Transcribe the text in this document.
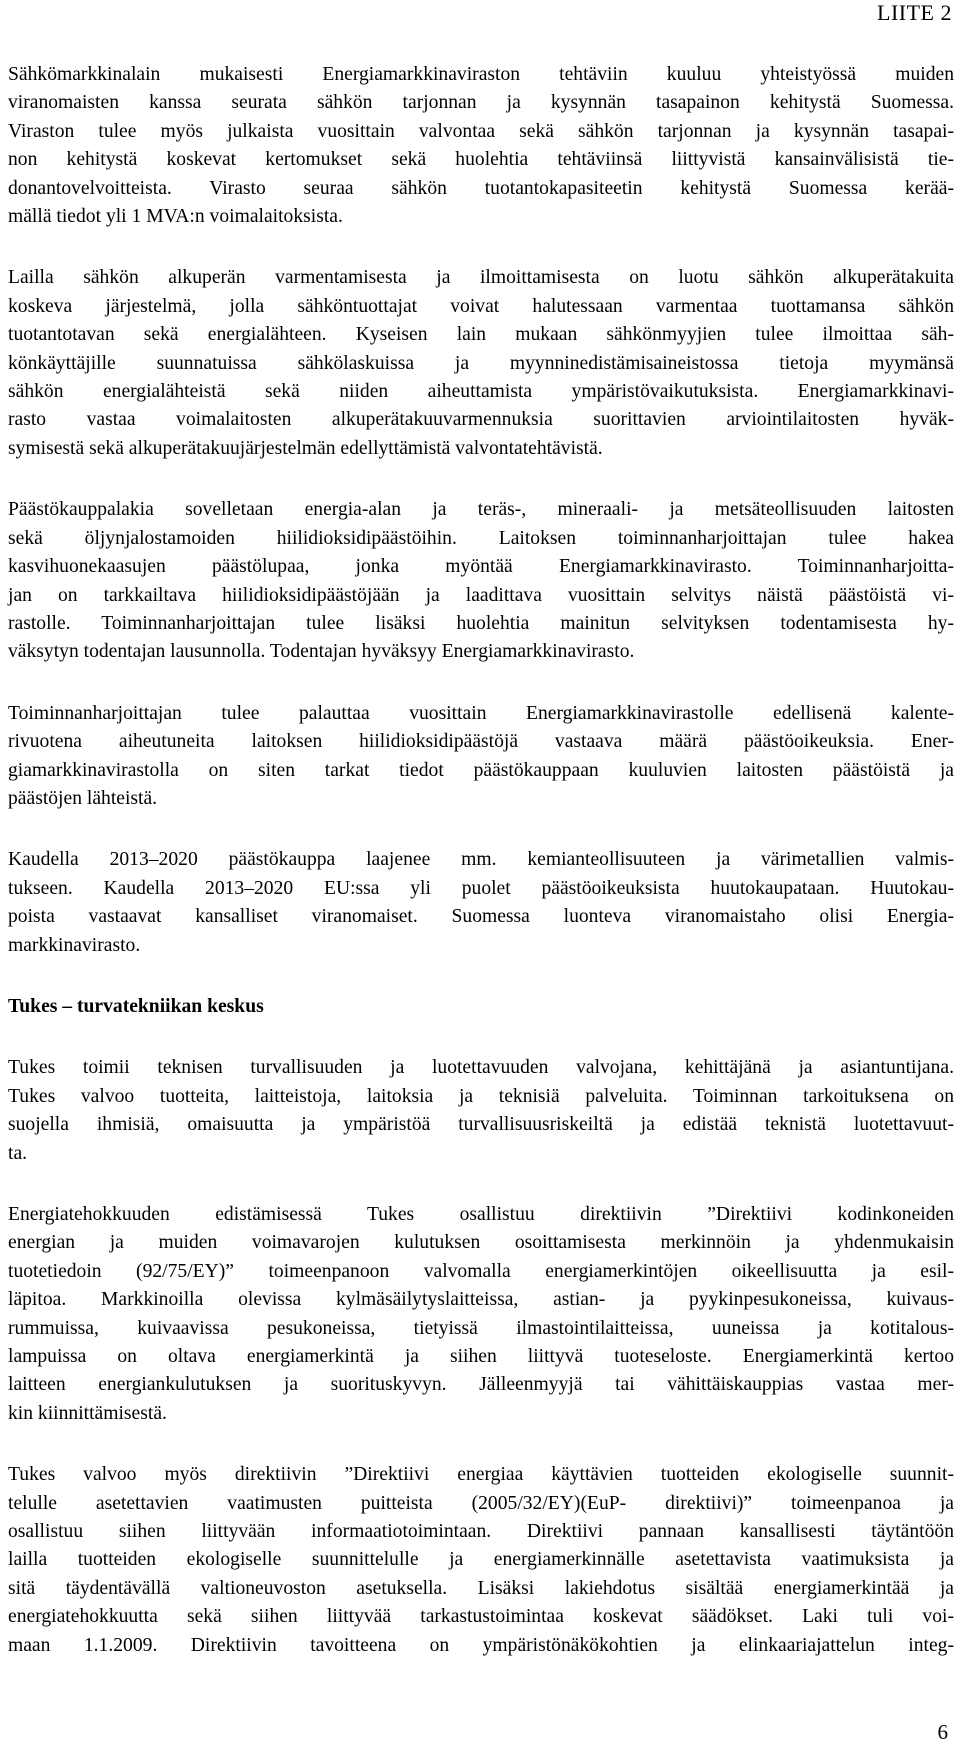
LIITE 2

Sähkömarkkinalain mukaisesti Energiamarkkinaviraston tehtäviin kuuluu yhteistyössä muiden
viranomaisten kanssa seurata sähkön tarjonnan ja kysynnän tasapainon kehitystä Suomessa.
Viraston tulee myös julkaista vuosittain valvontaa sekä sähkön tarjonnan ja kysynnän tasapai-
non kehitystä koskevat kertomukset sekä huolehtia tehtäviinsä liittyvistä kansainvälisistä tie-
donantovelvoitteista. Virasto seuraa sähkön tuotantokapasiteetin kehitystä Suomessa kerää-
mällä tiedot yli 1 MVA:n voimalaitoksista.

Lailla sähkön alkuperän varmentamisesta ja ilmoittamisesta on luotu sähkön alkuperätakuita
koskeva järjestelmä, jolla sähköntuottajat voivat halutessaan varmentaa tuottamansa sähkön
tuotantotavan sekä energialähteen. Kyseisen lain mukaan sähkönmyyjien tulee ilmoittaa säh-
könkäyttäjille suunnatuissa sähkölaskuissa ja myynninedistämisaineistossa tietoja myymänsä
sähkön energialähteistä sekä niiden aiheuttamista ympäristövaikutuksista. Energiamarkkinavi-
rasto vastaa voimalaitosten alkuperätakuuvarmennuksia suorittavien arviointilaitosten hyväk-
symisestä sekä alkuperätakuujärjestelmän edellyttämistä valvontatehtävistä.

Päästökauppalakia sovelletaan energia-alan ja teräs-, mineraali- ja metsäteollisuuden laitosten
sekä öljynjalostamoiden hiilidioksidipäästöihin. Laitoksen toiminnanharjoittajan tulee hakea
kasvihuonekaasujen päästölupaa, jonka myöntää Energiamarkkinavirasto. Toiminnanharjoitta-
jan on tarkkailtava hiilidioksidipäästöjään ja laadittava vuosittain selvitys näistä päästöistä vi-
rastolle. Toiminnanharjoittajan tulee lisäksi huolehtia mainitun selvityksen todentamisesta hy-
väksytyn todentajan lausunnolla. Todentajan hyväksyy Energiamarkkinavirasto.

Toiminnanharjoittajan tulee palauttaa vuosittain Energiamarkkinavirastolle edellisenä kalente-
rivuotena aiheutuneita laitoksen hiilidioksidipäästöjä vastaava määrä päästöoikeuksia. Ener-
giamarkkinavirastolla on siten tarkat tiedot päästökauppaan kuuluvien laitosten päästöistä ja
päästöjen lähteistä.

Kaudella 2013–2020 päästökauppa laajenee mm. kemianteollisuuteen ja värimetallien valmis-
tukseen. Kaudella 2013–2020 EU:ssa yli puolet päästöoikeuksista huutokaupataan. Huutokau-
poista vastaavat kansalliset viranomaiset. Suomessa luonteva viranomaistaho olisi Energia-
markkinavirasto.

Tukes – turvatekniikan keskus

Tukes toimii teknisen turvallisuuden ja luotettavuuden valvojana, kehittäjänä ja asiantuntijana.
Tukes valvoo tuotteita, laitteistoja, laitoksia ja teknisiä palveluita. Toiminnan tarkoituksena on
suojella ihmisiä, omaisuutta ja ympäristöä turvallisuusriskeiltä ja edistää teknistä luotettavuut-
ta.

Energiatehokkuuden edistämisessä Tukes osallistuu direktiivin ”Direktiivi kodinkoneiden
energian ja muiden voimavarojen kulutuksen osoittamisesta merkinnöin ja yhdenmukaisin
tuotetiedoin (92/75/EY)” toimeenpanoon valvomalla energiamerkintöjen oikeellisuutta ja esil-
läpitoa. Markkinoilla olevissa kylmäsäilytyslaitteissa, astian- ja pyykinpesukoneissa, kuivaus-
rummuissa, kuivaavissa pesukoneissa, tietyissä ilmastointilaitteissa, uuneissa ja kotitalous-
lampuissa on oltava energiamerkintä ja siihen liittyvä tuoteseloste. Energiamerkintä kertoo
laitteen energiankulutuksen ja suorituskyvyn. Jälleenmyyjä tai vähittäiskauppias vastaa mer-
kin kiinnittämisestä.

Tukes valvoo myös direktiivin ”Direktiivi energiaa käyttävien tuotteiden ekologiselle suunnit-
telulle asetettavien vaatimusten puitteista (2005/32/EY)(EuP- direktiivi)” toimeenpanoa ja
osallistuu siihen liittyvään informaatiotoimintaan. Direktiivi pannaan kansallisesti täytäntöön
lailla tuotteiden ekologiselle suunnittelulle ja energiamerkinnälle asetettavista vaatimuksista ja
sitä täydentävällä valtioneuvoston asetuksella. Lisäksi lakiehdotus sisältää energiamerkintää ja
energiatehokkuutta sekä siihen liittyvää tarkastustoimintaa koskevat säädökset. Laki tuli voi-
maan 1.1.2009. Direktiivin tavoitteena on ympäristönäkökohtien ja elinkaariajattelun integ-

6
